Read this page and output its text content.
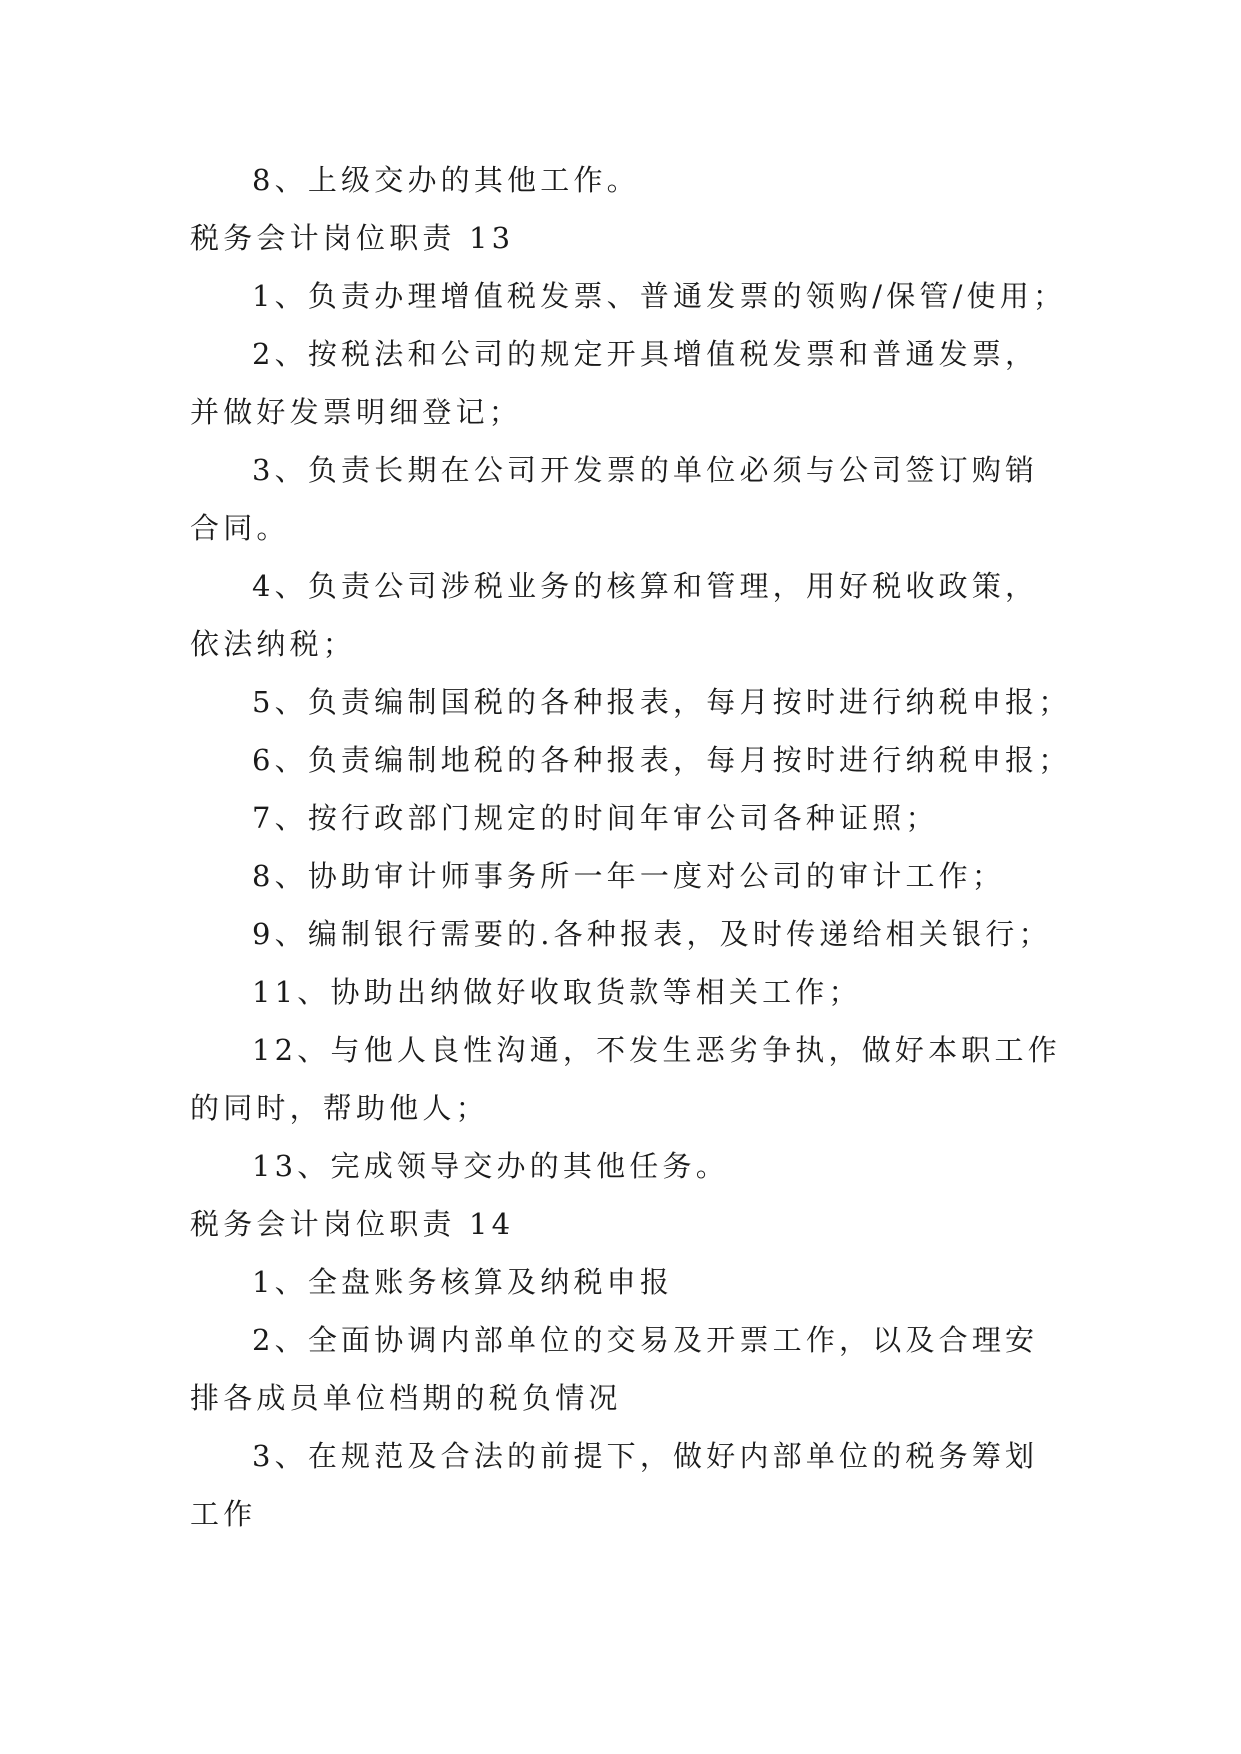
8、上级交办的其他工作。
税务会计岗位职责 13
1、负责办理增值税发票、普通发票的领购/保管/使用；
2、按税法和公司的规定开具增值税发票和普通发票，
并做好发票明细登记；
3、负责长期在公司开发票的单位必须与公司签订购销
合同。
4、负责公司涉税业务的核算和管理，用好税收政策，
依法纳税；
5、负责编制国税的各种报表，每月按时进行纳税申报；
6、负责编制地税的各种报表，每月按时进行纳税申报；
7、按行政部门规定的时间年审公司各种证照；
8、协助审计师事务所一年一度对公司的审计工作；
9、编制银行需要的.各种报表，及时传递给相关银行；
11、协助出纳做好收取货款等相关工作；
12、与他人良性沟通，不发生恶劣争执，做好本职工作
的同时，帮助他人；
13、完成领导交办的其他任务。
税务会计岗位职责 14
1、全盘账务核算及纳税申报
2、全面协调内部单位的交易及开票工作，以及合理安
排各成员单位档期的税负情况
3、在规范及合法的前提下，做好内部单位的税务筹划
工作
